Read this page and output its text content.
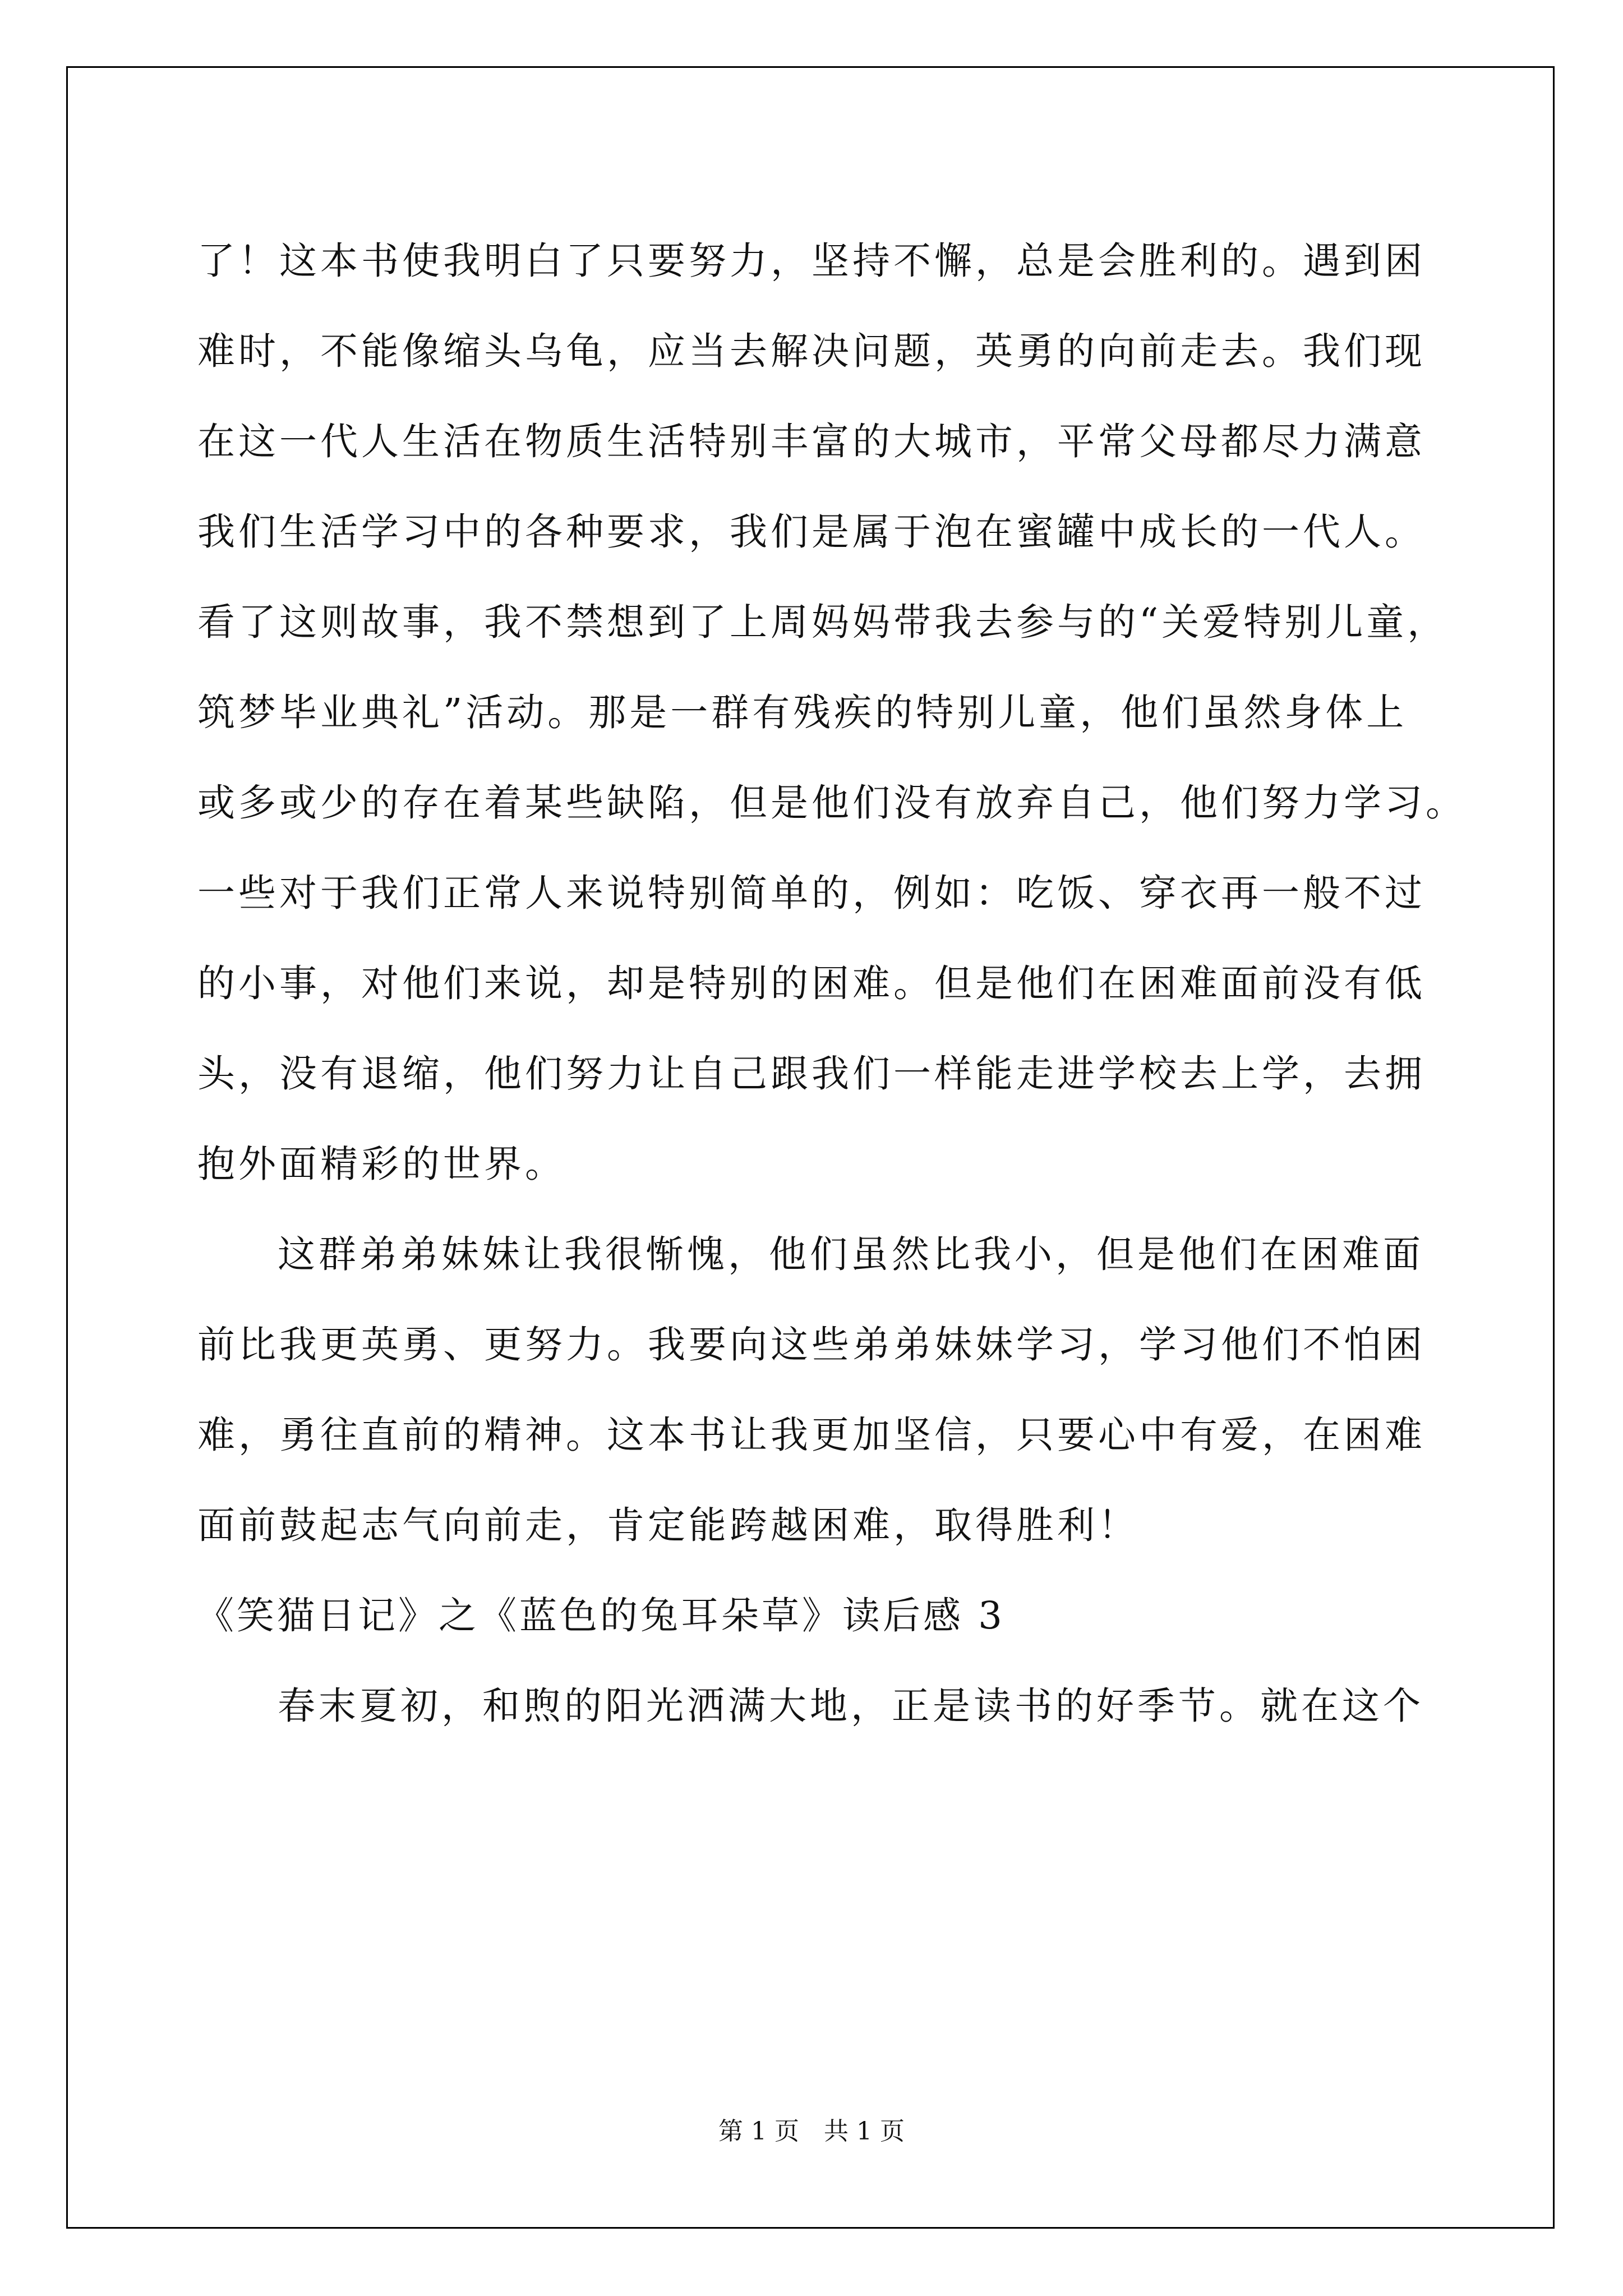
了！这本书使我明白了只要努力，坚持不懈，总是会胜利的。遇到困
难时，不能像缩头乌龟，应当去解决问题，英勇的向前走去。我们现
在这一代人生活在物质生活特别丰富的大城市，平常父母都尽力满意
我们生活学习中的各种要求，我们是属于泡在蜜罐中成长的一代人。
看了这则故事，我不禁想到了上周妈妈带我去参与的“关爱特别儿童，
筑梦毕业典礼”活动。那是一群有残疾的特别儿童，他们虽然身体上
或多或少的存在着某些缺陷，但是他们没有放弃自己，他们努力学习。
一些对于我们正常人来说特别简单的，例如：吃饭、穿衣再一般不过
的小事，对他们来说，却是特别的困难。但是他们在困难面前没有低
头，没有退缩，他们努力让自己跟我们一样能走进学校去上学，去拥
抱外面精彩的世界。
这群弟弟妹妹让我很惭愧，他们虽然比我小，但是他们在困难面
前比我更英勇、更努力。我要向这些弟弟妹妹学习，学习他们不怕困
难，勇往直前的精神。这本书让我更加坚信，只要心中有爱，在困难
面前鼓起志气向前走，肯定能跨越困难，取得胜利！
《笑猫日记》之《蓝色的兔耳朵草》读后感 3
春末夏初，和煦的阳光洒满大地，正是读书的好季节。就在这个
第 1 页　共 1 页
